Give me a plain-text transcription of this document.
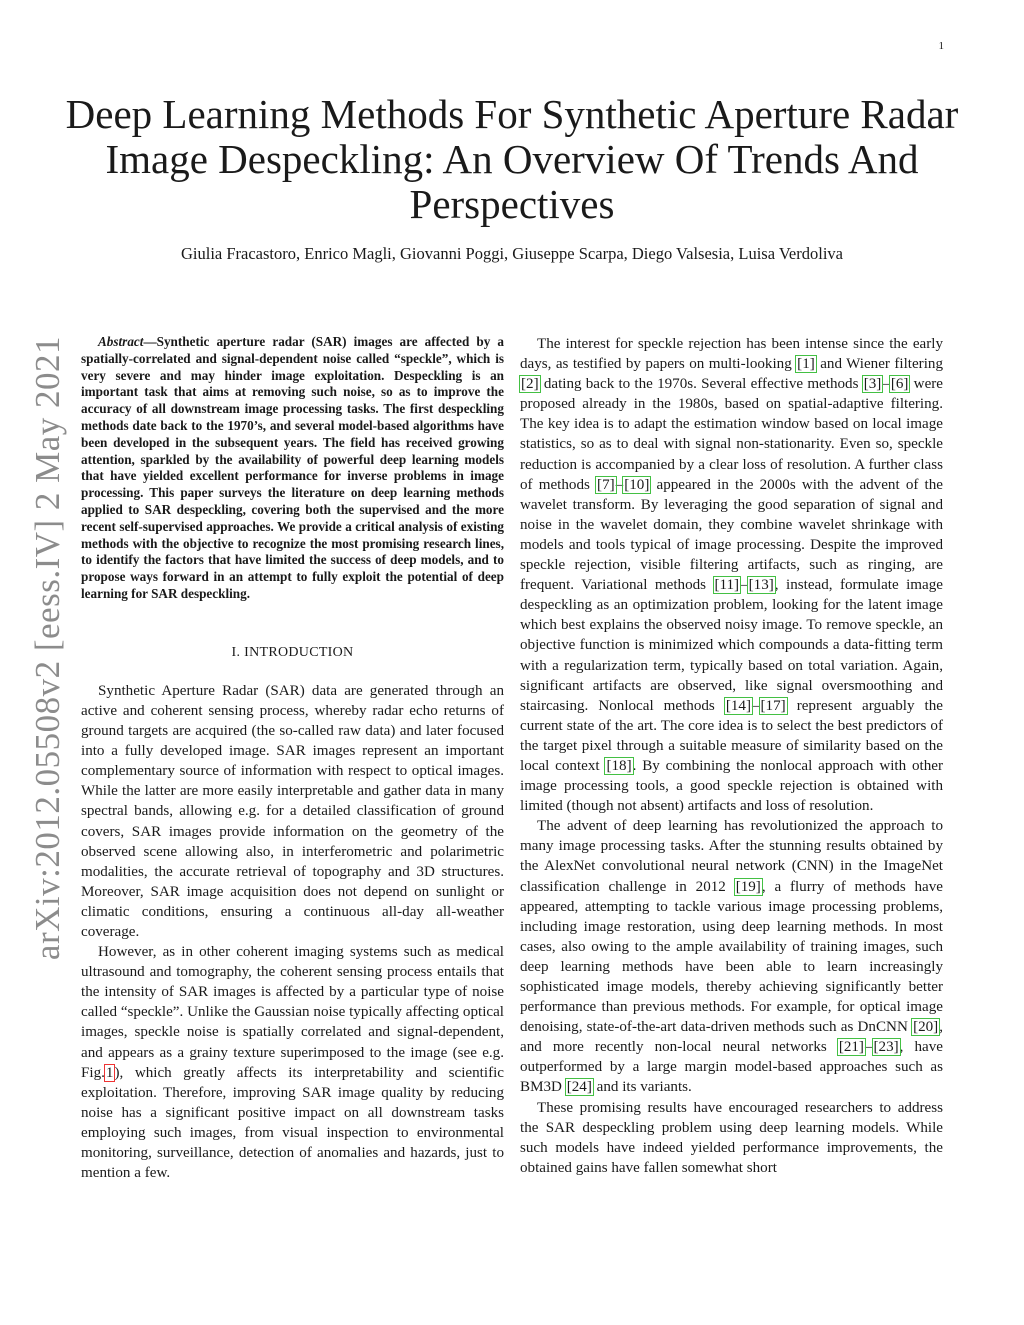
1
arXiv:2012.05508v2 [eess.IV] 2 May 2021
Deep Learning Methods For Synthetic Aperture Radar Image Despeckling: An Overview Of Trends And Perspectives

Giulia Fracastoro, Enrico Magli, Giovanni Poggi, Giuseppe Scarpa, Diego Valsesia, Luisa Verdoliva

Abstract—Synthetic aperture radar (SAR) images are affected by a spatially-correlated and signal-dependent noise called “speckle”, which is very severe and may hinder image exploitation. Despeckling is an important task that aims at removing such noise, so as to improve the accuracy of all downstream image processing tasks. The first despeckling methods date back to the 1970’s, and several model-based algorithms have been developed in the subsequent years. The field has received growing attention, sparkled by the availability of powerful deep learning models that have yielded excellent performance for inverse problems in image processing. This paper surveys the literature on deep learning methods applied to SAR despeckling, covering both the supervised and the more recent self-supervised approaches. We provide a critical analysis of existing methods with the objective to recognize the most promising research lines, to identify the factors that have limited the success of deep models, and to propose ways forward in an attempt to fully exploit the potential of deep learning for SAR despeckling.

I. INTRODUCTION

Synthetic Aperture Radar (SAR) data are generated through an active and coherent sensing process, whereby radar echo returns of ground targets are acquired (the so-called raw data) and later focused into a fully developed image. SAR images represent an important complementary source of information with respect to optical images. While the latter are more easily interpretable and gather data in many spectral bands, allowing e.g. for a detailed classification of ground covers, SAR images provide information on the geometry of the observed scene allowing also, in interferometric and polarimetric modalities, the accurate retrieval of topography and 3D structures. Moreover, SAR image acquisition does not depend on sunlight or climatic conditions, ensuring a continuous all-day all-weather coverage.

However, as in other coherent imaging systems such as medical ultrasound and tomography, the coherent sensing process entails that the intensity of SAR images is affected by a particular type of noise called “speckle”. Unlike the Gaussian noise typically affecting optical images, speckle noise is spatially correlated and signal-dependent, and appears as a grainy texture superimposed to the image (see e.g. Fig.1), which greatly affects its interpretability and scientific exploitation. Therefore, improving SAR image quality by reducing noise has a significant positive impact on all downstream tasks employing such images, from visual inspection to environmental monitoring, surveillance, detection of anomalies and hazards, just to mention a few.

The interest for speckle rejection has been intense since the early days, as testified by papers on multi-looking [1] and Wiener filtering [2] dating back to the 1970s. Several effective methods [3]–[6] were proposed already in the 1980s, based on spatial-adaptive filtering. The key idea is to adapt the estimation window based on local image statistics, so as to deal with signal non-stationarity. Even so, speckle reduction is accompanied by a clear loss of resolution. A further class of methods [7]–[10] appeared in the 2000s with the advent of the wavelet transform. By leveraging the good separation of signal and noise in the wavelet domain, they combine wavelet shrinkage with models and tools typical of image processing. Despite the improved speckle rejection, visible filtering artifacts, such as ringing, are frequent. Variational methods [11]–[13], instead, formulate image despeckling as an optimization problem, looking for the latent image which best explains the observed noisy image. To remove speckle, an objective function is minimized which compounds a data-fitting term with a regularization term, typically based on total variation. Again, significant artifacts are observed, like signal oversmoothing and staircasing. Nonlocal methods [14]–[17] represent arguably the current state of the art. The core idea is to select the best predictors of the target pixel through a suitable measure of similarity based on the local context [18]. By combining the nonlocal approach with other image processing tools, a good speckle rejection is obtained with limited (though not absent) artifacts and loss of resolution.

The advent of deep learning has revolutionized the approach to many image processing tasks. After the stunning results obtained by the AlexNet convolutional neural network (CNN) in the ImageNet classification challenge in 2012 [19], a flurry of methods have appeared, attempting to tackle various image processing problems, including image restoration, using deep learning methods. In most cases, also owing to the ample availability of training images, such deep learning methods have been able to learn increasingly sophisticated image models, thereby achieving significantly better performance than previous methods. For example, for optical image denoising, state-of-the-art data-driven methods such as DnCNN [20], and more recently non-local neural networks [21]–[23], have outperformed by a large margin model-based approaches such as BM3D [24] and its variants.

These promising results have encouraged researchers to address the SAR despeckling problem using deep learning models. While such models have indeed yielded performance improvements, the obtained gains have fallen somewhat short
